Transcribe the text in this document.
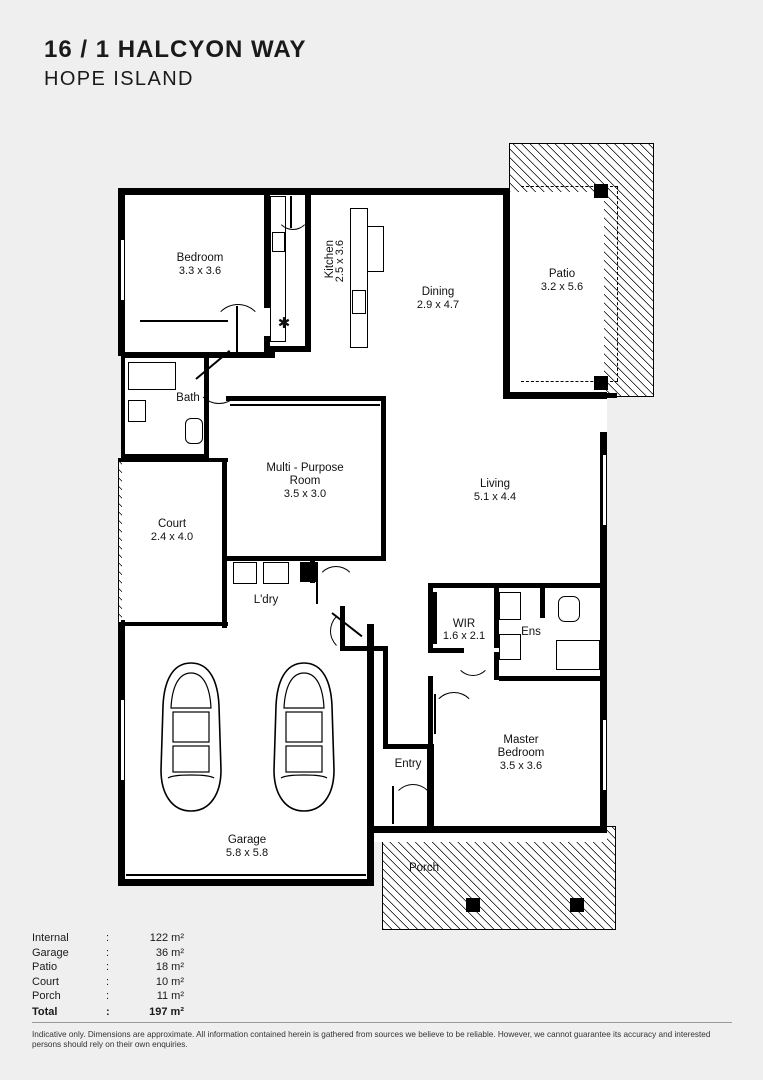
16 / 1 HALCYON WAY
HOPE ISLAND
✱
Bedroom
3.3 x 3.6	Kitchen
2.5 x 3.6
Dining
2.9 x 4.7
Patio
3.2 x 5.6
Bath
Multi - Purpose
Room
3.5 x 3.0
Living
5.1 x 4.4
Court
2.4 x 4.0
L'dry
WIR
1.6 x 2.1	Ens
Master
Bedroom
3.5 x 3.6
Entry
Garage
5.8 x 5.8
Porch
Internal	:	122 m²
Garage	:	36 m²
Patio	:	18 m²
Court	:	10 m²
Porch	:	11 m²
Total	:	197 m²
Indicative only. Dimensions are approximate. All information contained herein is gathered from sources we believe to be reliable. However, we cannot guarantee its accuracy and interested persons should rely on their own enquiries.
